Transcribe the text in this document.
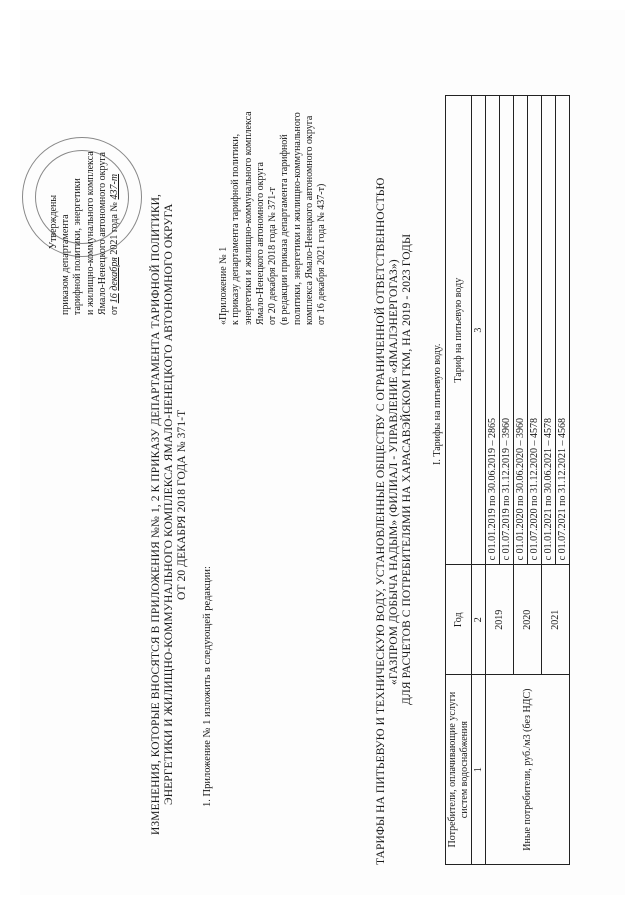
Утверждены приказом департамента тарифной политики, энергетики и жилищно-коммунального комплекса Ямало-Ненецкого автономного округа от 16 декабря 2021 года № 437-т
ИЗМЕНЕНИЯ, КОТОРЫЕ ВНОСЯТСЯ В ПРИЛОЖЕНИЯ №№ 1, 2 К ПРИКАЗУ ДЕПАРТАМЕНТА ТАРИФНОЙ ПОЛИТИКИ, ЭНЕРГЕТИКИ И ЖИЛИЩНО-КОММУНАЛЬНОГО КОМПЛЕКСА ЯМАЛО-НЕНЕЦКОГО АВТОНОМНОГО ОКРУГА ОТ 20 ДЕКАБРЯ 2018 ГОДА № 371-Т
1. Приложение № 1 изложить в следующей редакции:
«Приложение № 1 к приказу департамента тарифной политики, энергетики и жилищно-коммунального комплекса Ямало-Ненецкого автономного округа от 20 декабря 2018 года № 371-т (в редакции приказа департамента тарифной политики, энергетики и жилищно-коммунального комплекса Ямало-Ненецкого автономного округа от 16 декабря 2021 года № 437-т)	ТАРИФЫ НА ПИТЬЕВУЮ И ТЕХНИЧЕСКУЮ ВОДУ, УСТАНОВЛЕННЫЕ ОБЩЕСТВУ С ОГРАНИЧЕННОЙ ОТВЕТСТВЕННОСТЬЮ «ГАЗПРОМ ДОБЫЧА НАДЫМ» (ФИЛИАЛ - УПРАВЛЕНИЕ «ЯМАЛЭНЕРГОГАЗ») ДЛЯ РАСЧЕТОВ С ПОТРЕБИТЕЛЯМИ НА ХАРАСАВЭЙСКОМ ГКМ, НА 2019 - 2023 ГОДЫ I. Тарифы на питьевую воду.
Потребители, оплачивающие услуги систем водоснабжения	Год	Тариф на питьевую воду
1	2	3
Иные потребители, руб./м3 (без НДС)	2019	с 01.01.2019 по 30.06.2019 – 2865
		с 01.07.2019 по 31.12.2019 – 3960
	2020	с 01.01.2020 по 30.06.2020 – 3960
		с 01.07.2020 по 31.12.2020 – 4578
	2021	с 01.01.2021 по 30.06.2021 – 4578
		с 01.07.2021 по 31.12.2021 – 4568
